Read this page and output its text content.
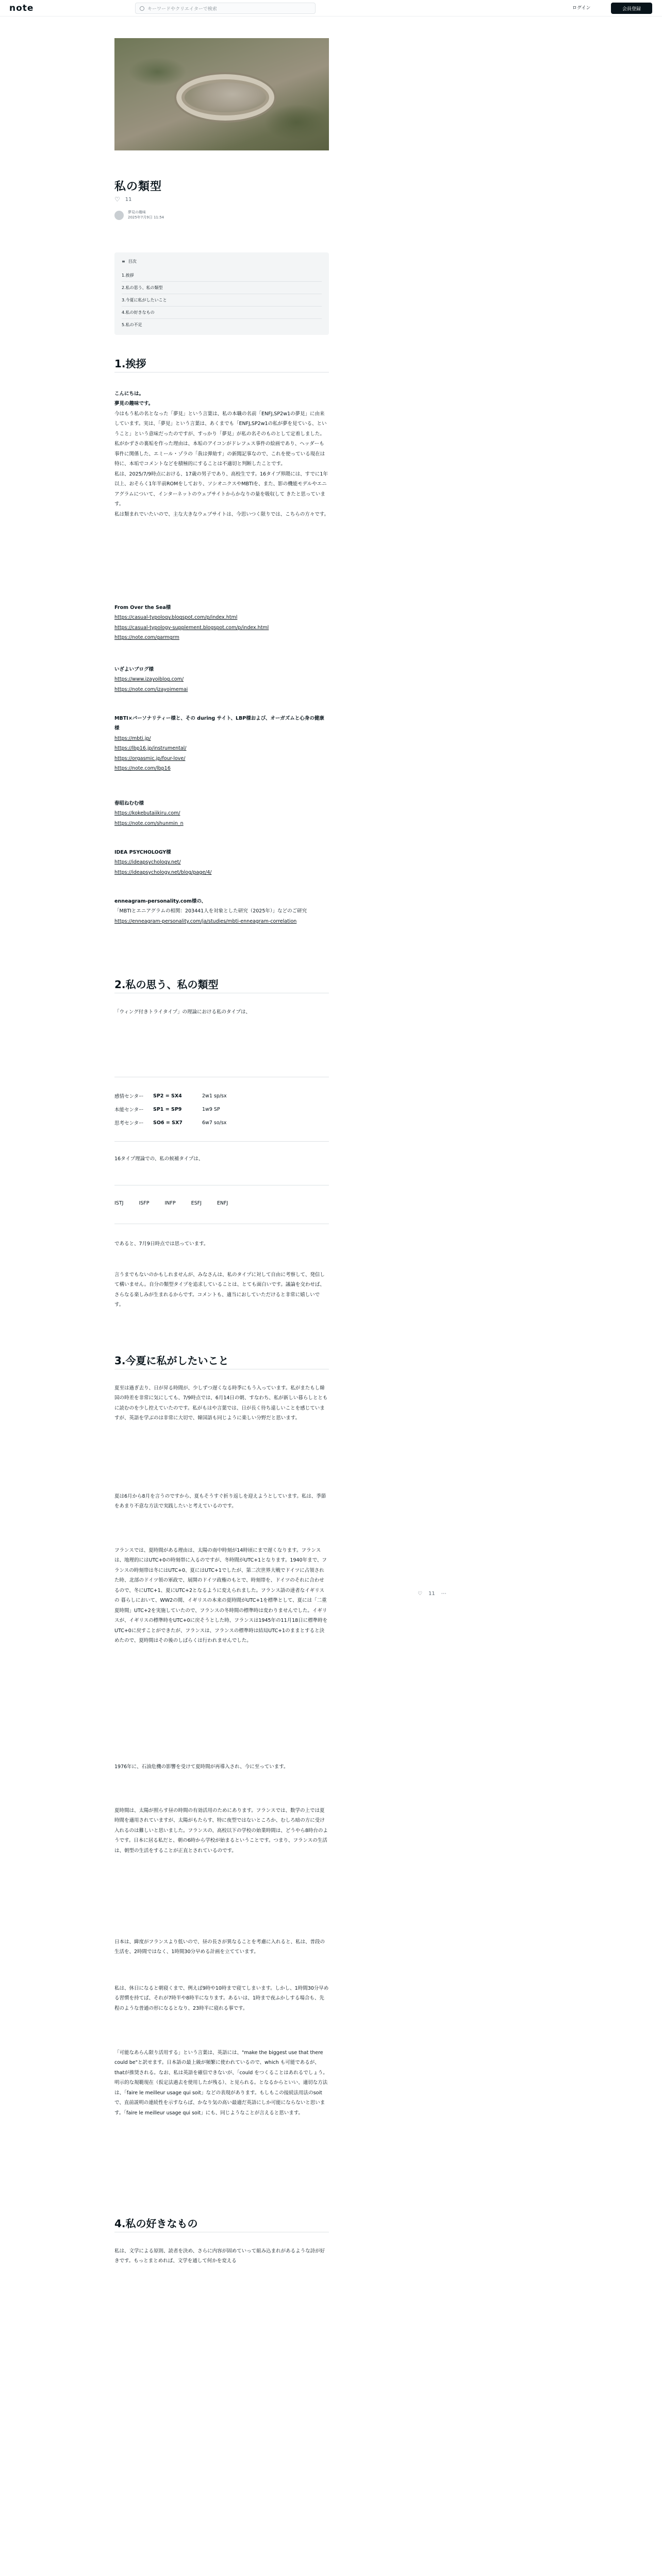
note	キーワードやクリエイターで検索	ログイン	会員登録
私の類型
♡ 11
夢見の趣味
2025年7月9日 11:54
≡ 目次
1.挨拶
2.私の思う、私の類型
3.今夏に私がしたいこと
4.私の好きなもの
5.私の不足
1.挨拶
こんにちは。
夢見の趣味です。
今はもう私の名となった「夢見」という言葉は、私の本職の名前「ENFJ,SP2w1の夢見」に由来しています。実は、「夢見」という言葉は、あくまでも「ENFJ,SP2w1の私が夢を見ている、ということ」という意味だったのですが、すっかり「夢見」が私の名そのものとして定着しました。
私がかずさの裏垢を作った理由は、本垢のアイコンがドレフュス事件の絵画であり、ヘッダーも事件に関係した、エミール・ゾラの「我は弾劾す」の新聞記事なので、これを使っている現在は特に、本垢でコメントなどを積極的にすることは不適切と判断したことです。
私は、2025/7/9時点における、17歳の男子であり、高校生です。16タイプ界隈には、すでに1年以上、おそらく1年半前ROMをしており、ソシオニクスやMBTIを、また、影の機能モデルやエニアグラムについて、インターネットのウェブサイトからかなりの量を吸収して きたと思っています。
私は類まれでいたいので、主な大きなウェブサイトは、今思いつく限りでは、こちらの方々です。
From Over the Sea様
https://casual-typology.blogspot.com/p/index.html
https://casual-typology-supplement.blogspot.com/p/index.html
https://note.com/garmgrm
いざよいブログ様
https://www.izayoiblog.com/
https://note.com/izayoimemai
MBTI×パーソナリティー様と、その during サイト、LBP様および、オーガズムと心身の健康様
https://mbti.jp/
https://lbp16.jp/instrumental/
https://orgasmic.jp/four-love/
https://note.com/lbp16
春昭ねむむ様
https://kokebutaiikiru.com/
https://note.com/shunmin_n
IDEA PSYCHOLOGY様
https://ideapsychology.net/
https://ideapsychology.net/blog/page/4/
enneagram-personality.com様の、
「MBTIとエニアグラムの相関：203441人を対象とした研究（2025年）」などのご研究
https://enneagram-personality.com/ja/studies/mbti-enneagram-correlation
2.私の思う、私の類型
「ウィング付きトライタイプ」の理論における私のタイプは、
感情センター	SP2 = SX4	2w1 sp/sx
本能センター	SP1 = SP9	1w9 SP
思考センター	SO6 = SX7	6w7 so/sx
16タイプ理論での、私の候補タイプは、
ISTJ	ISFP	INFP	ESFJ	ENFJ
であると、7月9日時点では思っています。
言うまでもないのかもしれませんが、みなさんは、私のタイプに対して自由に考察して、発信して構いません。自分の類型タイプを追求していることは、とても面白いです。議論を交わせば、さらなる楽しみが生まれるからです。コメントも、適当におしていただけると非常に嬉しいです。
3.今夏に私がしたいこと
夏至は過ぎ去り、日が昇る時間が、少しずつ遅くなる時季にもう入っています。私がまたもし韓国の時差を非常に気にしても、7/9時点では、6月14日の朝、すなわち、私が新しい暮らしとともに読むのを少し控えていたのです。私がもはや言葉では、日が長く待ち遠しいことを感じていますが、英語を学ぶのは非常に大切で、韓国語も同じように楽しい分野だと思います。
夏は6月から8月を言うのですから、夏もそうすぐ折り返しを迎えようとしています。私は、季節をあまり不意な方法で実践したいと考えているのです。
フランスでは、夏時間がある理由は、太陽の南中時刻が14時頃にまで遅くなります。フランスは、地理的にはUTC+0の時刻帯に入るのですが、冬時間がUTC+1となります。1940年まで、フランスの時刻帯は冬にはUTC+0、夏にはUTC+1でしたが、第二次世界大戦でドイツに占領された時、北部のドイツ領の軍政で、展開のドイツ政権のもとで、時刻帯を、ドイツのそれに合わせるので、冬にUTC+1、夏にUTC+2となるように変えられました。フランス語の達者なイギリスの 暮らしにおいて、WW2の間、イギリスの本来の夏時間がUTC+1を標準として、夏には「二重夏時間」UTC+2を実施していたので、フランスの冬時間の標準時は変わりませんでした。イギリスが、イギリスの標準時をUTC+0に戻そうとした時、フランスは1945年の11月18日に標準時をUTC+0に戻すことができたが、フランスは、フランスの標準時は結局UTC+1のままとすると決めたので、夏時間はその後のしばらくは行われませんでした。
1976年に、石油危機の影響を受けて夏時間が再導入され、今に至っています。
夏時間は、太陽が照らす昼の時間の有効活用のためにあります。フランスでは、数学の上では夏時間を適用されていますが、太陽がもたらす、特に夜型ではないところか、むしろ暗の方に受け入れるのは難しいと思いました。フランスの、高校以下の学校の始業時間は、どうやら8時台のようです。日本に居る私だと、朝の6時から学校が始まるということです。つまり、フランスの生活は、朝型の生活をすることが正直とされているのです。
日本は、緯度がフランスより低いので、昼の長さが異なることを考慮に入れると、私は、普段の生活を、2時間ではなく、1時間30分早める計画を立てています。
私は、休日になると朝寝くまで、例えば9時や10時まで寝てしまいます。しかし、1時間30分早める習慣を持てば、それが7時半や8時半になります。あるいは、1時まで夜ふかしする場合も、先程のような普通の形になるとなり、23時半に寝れる事です。
「可能なあらん限り活用する」という言葉は、英語には、"make the biggest use that there could be"と訳せます。日本語の最上級が頻繁に使われているので、which も可能であるが、thatが推奨される。なお、私は英語を確信できないが、「could をつくることはあれるでしょう。明示的な規範現在（仮定法過去を使用したが残る）、と見られる。となるからといい、適切な方法は、「faire le meilleur usage qui soit」などの表現があります。もしもこの接続法用法のsoitで、直前説明の連続性を示すならば、かなり気の高い最適だ英語にしか可能にならないと思います。「faire le meilleur usage qui soit」にも、同じようなことが言えると思います。
♡ 11 ⋯
4.私の好きなもの
私は、文学による原則、読者を決め、さらに内容が固めていって組み込まれがあるような詩が好きです。もっとまとめれば、文学を通して何かを変える
